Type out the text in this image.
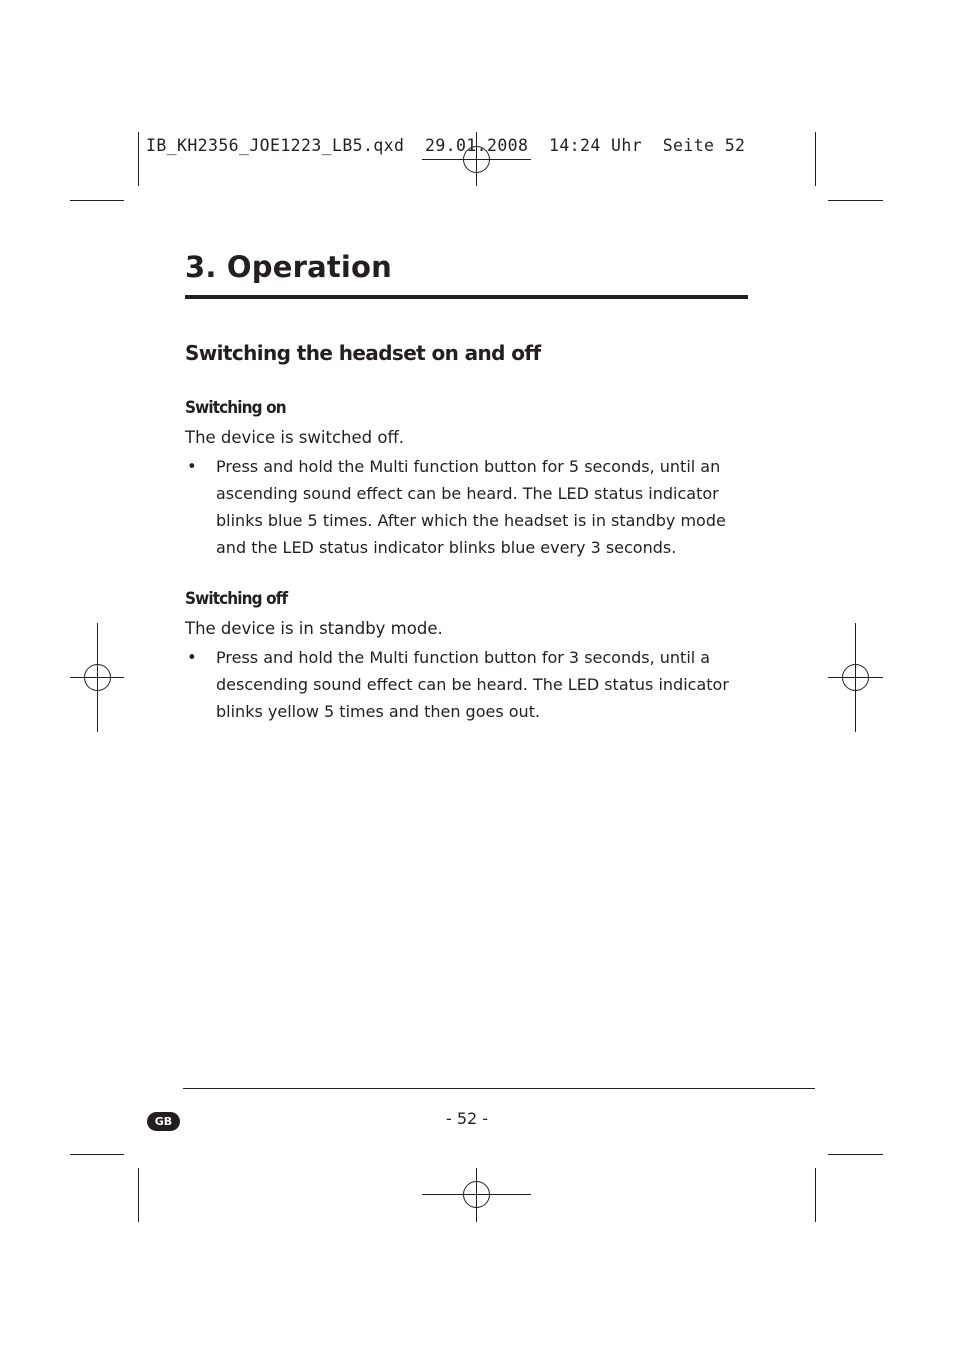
IB_KH2356_JOE1223_LB5.qxd  29.01.2008  14:24 Uhr  Seite 52
3. Operation
Switching the headset on and off
Switching on

The device is switched off.

• Press and hold the Multi function button for 5 seconds, until an ascending sound effect can be heard. The LED status indicator blinks blue 5 times. After which the headset is in standby mode and the LED status indicator blinks blue every 3 seconds.

Switching off

The device is in standby mode.

• Press and hold the Multi function button for 3 seconds, until a descending sound effect can be heard. The LED status indicator blinks yellow 5 times and then goes out.

GB	- 52 -
